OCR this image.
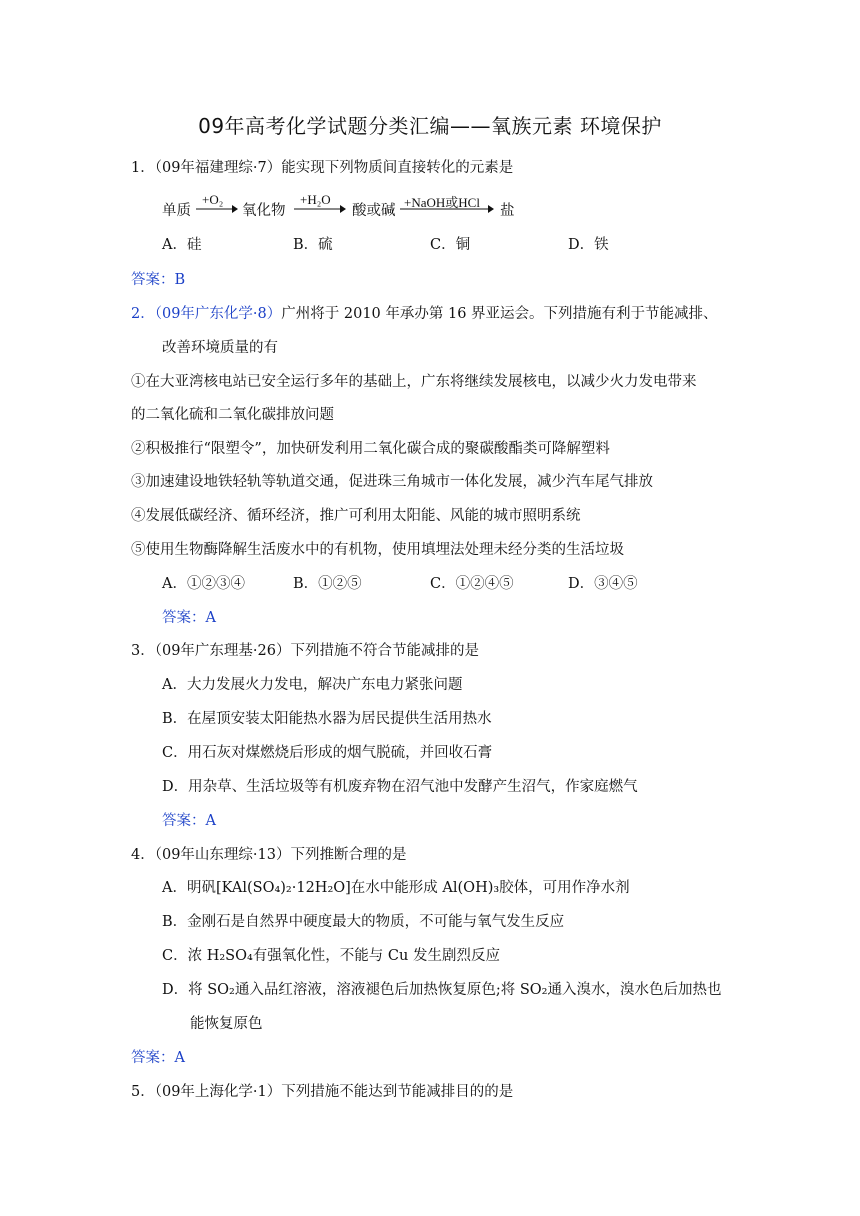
09年高考化学试题分类汇编——氧族元素 环境保护
1．（09年福建理综·7）能实现下列物质间直接转化的元素是
单质
+O₂
氧化物
+H₂O
酸或碱
+NaOH或HCl
盐
A．硅	B．硫	C．铜	D．铁
答案：B
2．（09年广东化学·8）广州将于 2010 年承办第 16 界亚运会。下列措施有利于节能减排、
改善环境质量的有
①在大亚湾核电站已安全运行多年的基础上，广东将继续发展核电，以减少火力发电带来
的二氧化硫和二氧化碳排放问题
②积极推行“限塑令”，加快研发利用二氧化碳合成的聚碳酸酯类可降解塑料
③加速建设地铁轻轨等轨道交通，促进珠三角城市一体化发展，减少汽车尾气排放
④发展低碳经济、循环经济，推广可利用太阳能、风能的城市照明系统
⑤使用生物酶降解生活废水中的有机物，使用填埋法处理未经分类的生活垃圾
A．①②③④	B．①②⑤	C．①②④⑤	D．③④⑤
答案：A
3．（09年广东理基·26）下列措施不符合节能减排的是
A．大力发展火力发电，解决广东电力紧张问题
B．在屋顶安装太阳能热水器为居民提供生活用热水
C．用石灰对煤燃烧后形成的烟气脱硫，并回收石膏
D．用杂草、生活垃圾等有机废弃物在沼气池中发酵产生沼气，作家庭燃气
答案：A
4．（09年山东理综·13）下列推断合理的是
A．明矾[KAl(SO₄)₂·12H₂O]在水中能形成 Al(OH)₃胶体，可用作净水剂
B．金刚石是自然界中硬度最大的物质，不可能与氧气发生反应
C．浓 H₂SO₄有强氧化性，不能与 Cu 发生剧烈反应
D．将 SO₂通入品红溶液，溶液褪色后加热恢复原色;将 SO₂通入溴水，溴水色后加热也
能恢复原色
答案：A
5．（09年上海化学·1）下列措施不能达到节能减排目的的是
